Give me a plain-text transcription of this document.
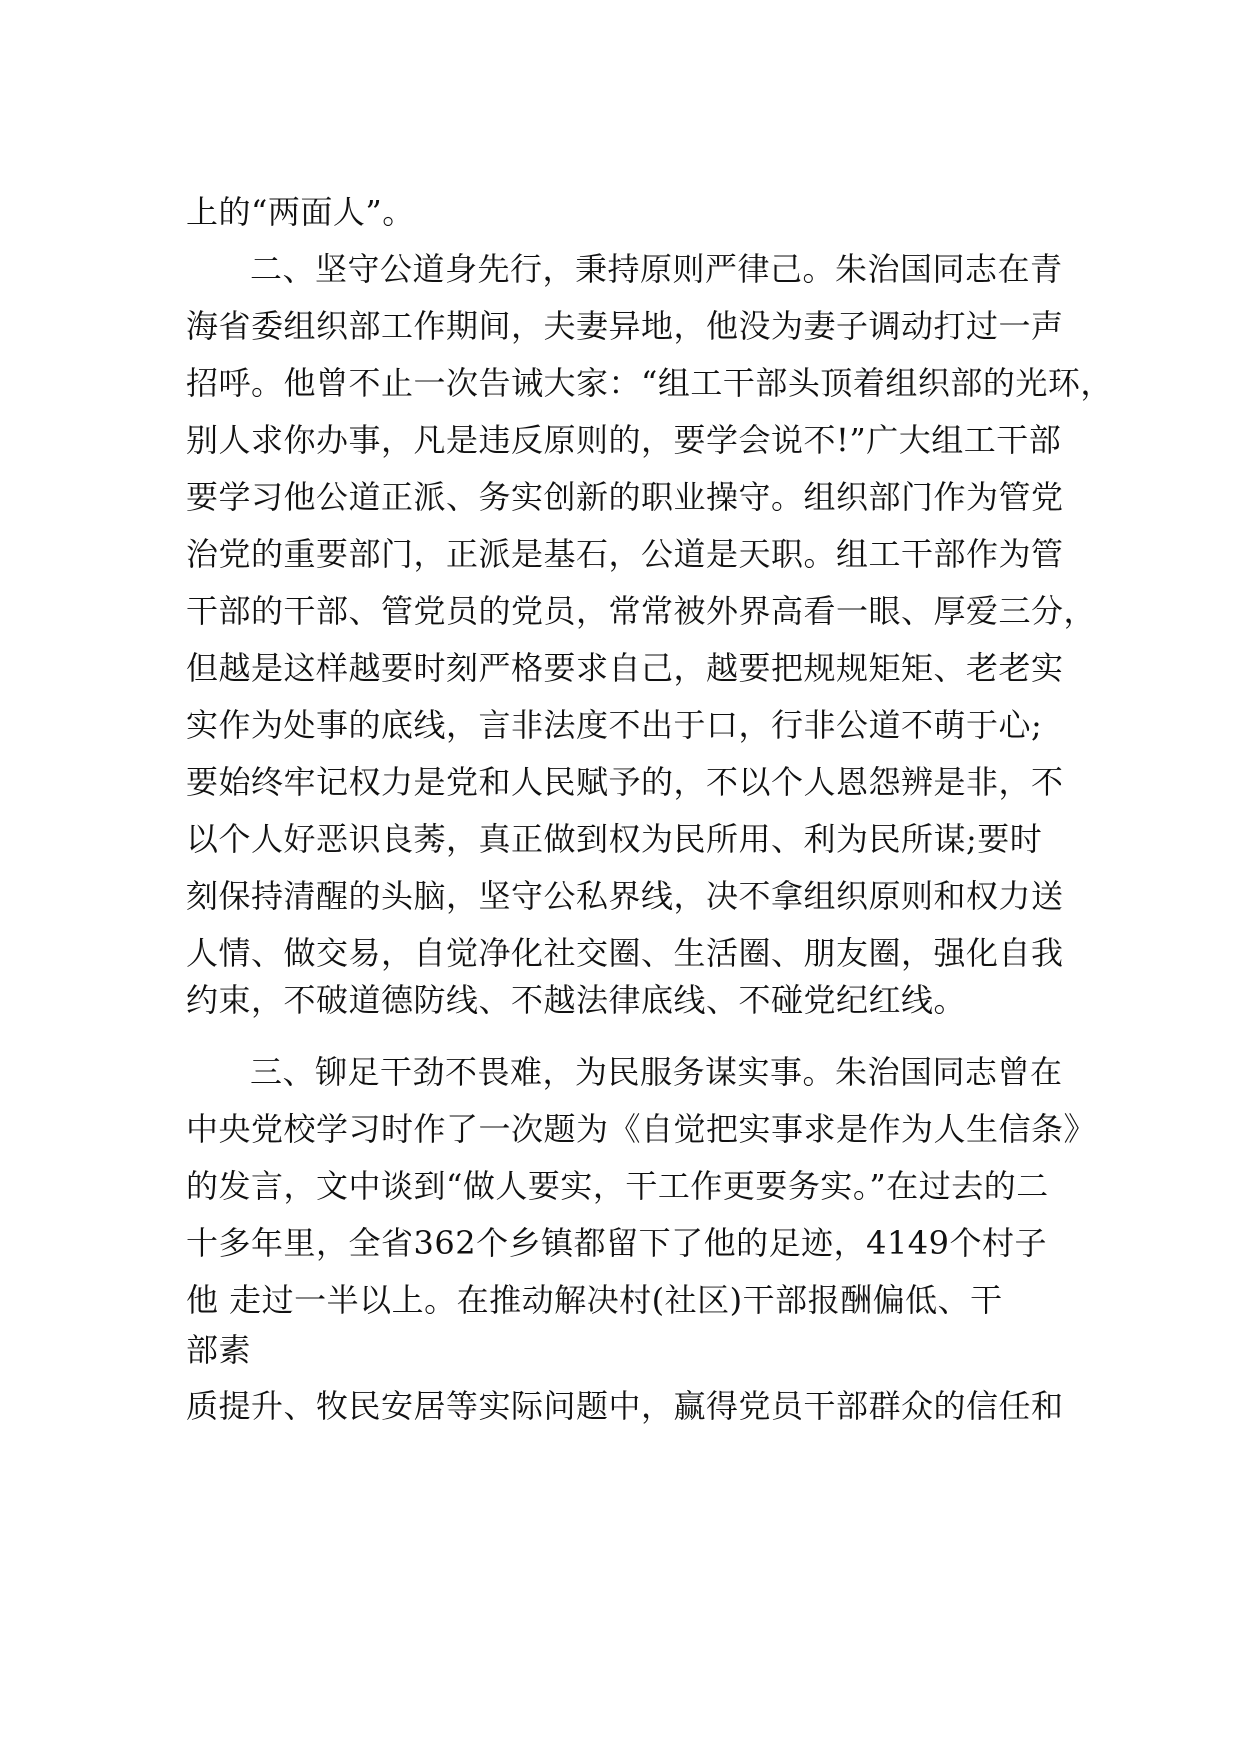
上的“两面人”。
二、坚守公道身先行，秉持原则严律己。朱治国同志在青
海省委组织部工作期间，夫妻异地，他没为妻子调动打过一声
招呼。他曾不止一次告诫大家：“组工干部头顶着组织部的光环，
别人求你办事，凡是违反原则的，要学会说不!”广大组工干部
要学习他公道正派、务实创新的职业操守。组织部门作为管党
治党的重要部门，正派是基石，公道是天职。组工干部作为管
干部的干部、管党员的党员，常常被外界高看一眼、厚爱三分，
但越是这样越要时刻严格要求自己，越要把规规矩矩、老老实
实作为处事的底线，言非法度不出于口，行非公道不萌于心;
要始终牢记权力是党和人民赋予的，不以个人恩怨辨是非，不
以个人好恶识良莠，真正做到权为民所用、利为民所谋;要时
刻保持清醒的头脑，坚守公私界线，决不拿组织原则和权力送
人情、做交易，自觉净化社交圈、生活圈、朋友圈，强化自我
约束，不破道德防线、不越法律底线、不碰党纪红线。
三、铆足干劲不畏难，为民服务谋实事。朱治国同志曾在
中央党校学习时作了一次题为《自觉把实事求是作为人生信条》
的发言，文中谈到“做人要实，干工作更要务实。”在过去的二
十多年里，全省362个乡镇都留下了他的足迹，4149个村子
他 走过一半以上。在推动解决村(社区)干部报酬偏低、干
部素
质提升、牧民安居等实际问题中，赢得党员干部群众的信任和
